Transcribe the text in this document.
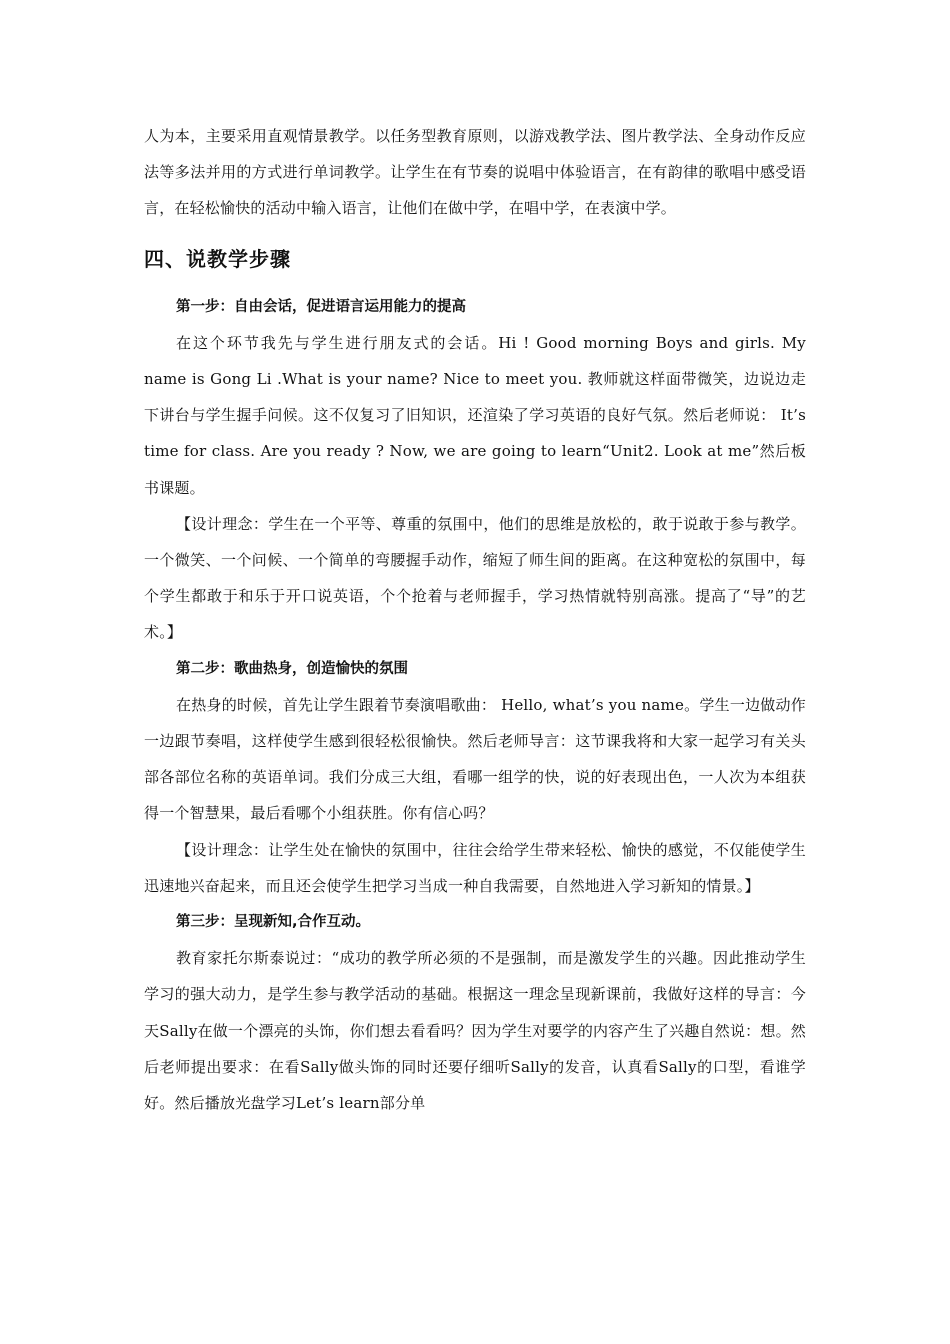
人为本，主要采用直观情景教学。以任务型教育原则，以游戏教学法、图片教学法、全身动作反应法等多法并用的方式进行单词教学。让学生在有节奏的说唱中体验语言，在有韵律的歌唱中感受语言，在轻松愉快的活动中输入语言，让他们在做中学，在唱中学，在表演中学。

四、说教学步骤

第一步：自由会话，促进语言运用能力的提高

在这个环节我先与学生进行朋友式的会话。Hi ! Good morning Boys and girls. My name is Gong Li .What is your name? Nice to meet you. 教师就这样面带微笑，边说边走下讲台与学生握手问候。这不仅复习了旧知识，还渲染了学习英语的良好气氛。然后老师说： It’s time for class. Are you ready ? Now, we are going to learn“Unit2. Look at me”然后板书课题。

【设计理念：学生在一个平等、尊重的氛围中，他们的思维是放松的，敢于说敢于参与教学。一个微笑、一个问候、一个简单的弯腰握手动作，缩短了师生间的距离。在这种宽松的氛围中，每个学生都敢于和乐于开口说英语，个个抢着与老师握手，学习热情就特别高涨。提高了“导”的艺术。】

第二步：歌曲热身，创造愉快的氛围

在热身的时候，首先让学生跟着节奏演唱歌曲： Hello, what’s you name。学生一边做动作一边跟节奏唱，这样使学生感到很轻松很愉快。然后老师导言：这节课我将和大家一起学习有关头部各部位名称的英语单词。我们分成三大组，看哪一组学的快，说的好表现出色，一人次为本组获得一个智慧果，最后看哪个小组获胜。你有信心吗？

【设计理念：让学生处在愉快的氛围中，往往会给学生带来轻松、愉快的感觉，不仅能使学生迅速地兴奋起来，而且还会使学生把学习当成一种自我需要，自然地进入学习新知的情景。】

第三步：呈现新知,合作互动。

教育家托尔斯泰说过：“成功的教学所必须的不是强制，而是激发学生的兴趣。因此推动学生学习的强大动力，是学生参与教学活动的基础。根据这一理念呈现新课前，我做好这样的导言：今天Sally在做一个漂亮的头饰，你们想去看看吗？因为学生对要学的内容产生了兴趣自然说：想。然后老师提出要求：在看Sally做头饰的同时还要仔细听Sally的发音，认真看Sally的口型，看谁学好。然后播放光盘学习Let’s learn部分单
